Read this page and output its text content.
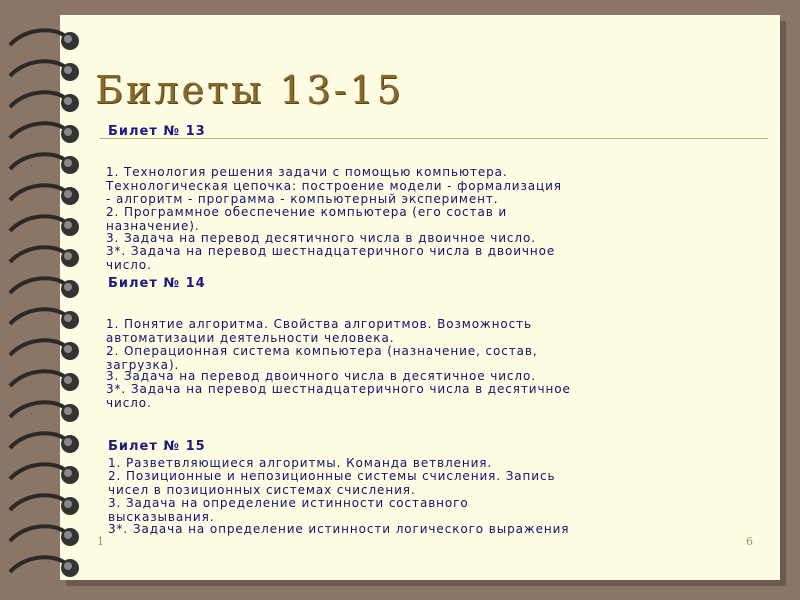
Билеты 13-15

Билет № 13

1. Технология решения задачи с помощью компьютера.
Технологическая цепочка: построение модели - формализация
- алгоритм - программа - компьютерный эксперимент.
2. Программное обеспечение компьютера (его состав и
назначение).
3. Задача на перевод десятичного числа в двоичное число.
3*. Задача на перевод шестнадцатеричного числа в двоичное
число.

Билет № 14

1. Понятие алгоритма. Свойства алгоритмов. Возможность
автоматизации деятельности человека.
2. Операционная система компьютера (назначение, состав,
загрузка).
3. Задача на перевод двоичного числа в десятичное число.
3*. Задача на перевод шестнадцатеричного числа в десятичное
число.

Билет № 15

1. Разветвляющиеся алгоритмы. Команда ветвления.
2. Позиционные и непозиционные системы счисления. Запись
чисел в позиционных системах счисления.
3. Задача на определение истинности составного
высказывания.
3*. Задача на определение истинности логического выражения
1	6
